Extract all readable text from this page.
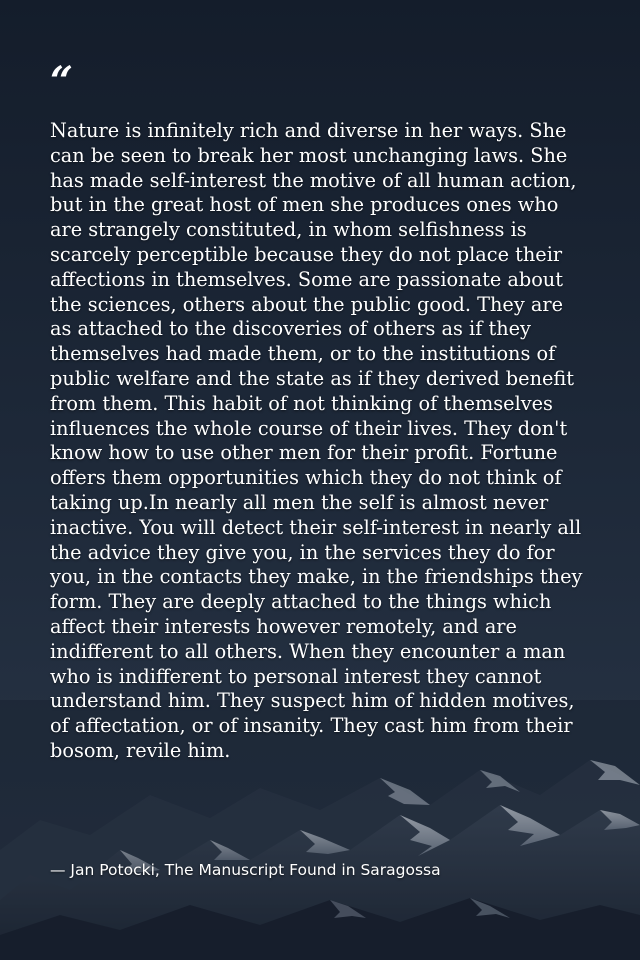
“

Nature is infinitely rich and diverse in her ways. She can be seen to break her most unchanging laws. She has made self-interest the motive of all human action, but in the great host of men she produces ones who are strangely constituted, in whom selfishness is scarcely perceptible because they do not place their affections in themselves. Some are passionate about the sciences, others about the public good. They are as attached to the discoveries of others as if they themselves had made them, or to the institutions of public welfare and the state as if they derived benefit from them. This habit of not thinking of themselves influences the whole course of their lives. They don't know how to use other men for their profit. Fortune offers them opportunities which they do not think of taking up.In nearly all men the self is almost never inactive. You will detect their self-interest in nearly all the advice they give you, in the services they do for you, in the contacts they make, in the friendships they form. They are deeply attached to the things which affect their interests however remotely, and are indifferent to all others. When they encounter a man who is indifferent to personal interest they cannot understand him. They suspect him of hidden motives, of affectation, or of insanity. They cast him from their bosom, revile him.

— Jan Potocki, The Manuscript Found in Saragossa
